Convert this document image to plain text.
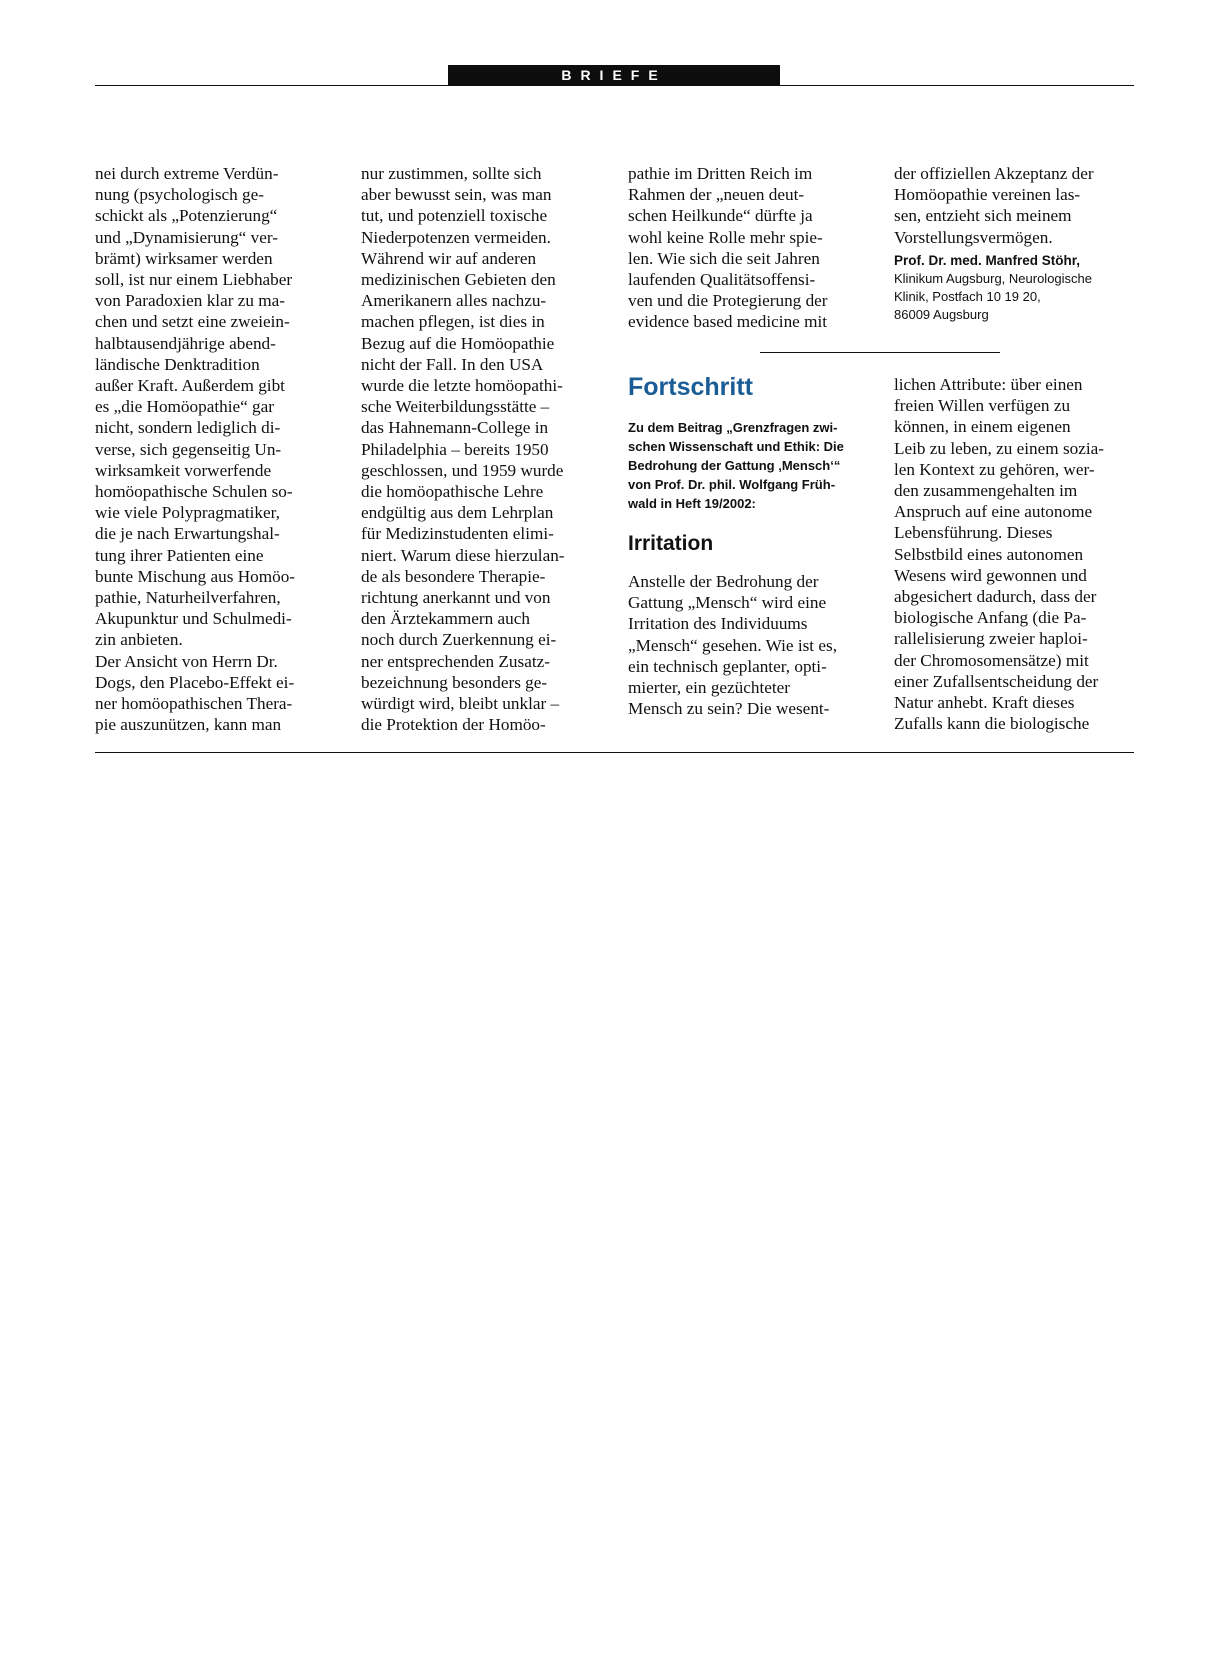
BRIEFE
nei durch extreme Verdün-
nung (psychologisch ge-
schickt als „Potenzierung“
und „Dynamisierung“ ver-
brämt) wirksamer werden
soll, ist nur einem Liebhaber
von Paradoxien klar zu ma-
chen und setzt eine zweiein-
halbtausendjährige abend-
ländische Denktradition
außer Kraft. Außerdem gibt
es „die Homöopathie“ gar
nicht, sondern lediglich di-
verse, sich gegenseitig Un-
wirksamkeit vorwerfende
homöopathische Schulen so-
wie viele Polypragmatiker,
die je nach Erwartungshal-
tung ihrer Patienten eine
bunte Mischung aus Homöo-
pathie, Naturheilverfahren,
Akupunktur und Schulmedi-
zin anbieten.
Der Ansicht von Herrn Dr.
Dogs, den Placebo-Effekt ei-
ner homöopathischen Thera-
pie auszunützen, kann man
nur zustimmen, sollte sich
aber bewusst sein, was man
tut, und potenziell toxische
Niederpotenzen vermeiden.
Während wir auf anderen
medizinischen Gebieten den
Amerikanern alles nachzu-
machen pflegen, ist dies in
Bezug auf die Homöopathie
nicht der Fall. In den USA
wurde die letzte homöopathi-
sche Weiterbildungsstätte –
das Hahnemann-College in
Philadelphia – bereits 1950
geschlossen, und 1959 wurde
die homöopathische Lehre
endgültig aus dem Lehrplan
für Medizinstudenten elimi-
niert. Warum diese hierzulan-
de als besondere Therapie-
richtung anerkannt und von
den Ärztekammern auch
noch durch Zuerkennung ei-
ner entsprechenden Zusatz-
bezeichnung besonders ge-
würdigt wird, bleibt unklar –
die Protektion der Homöo-
pathie im Dritten Reich im
Rahmen der „neuen deut-
schen Heilkunde“ dürfte ja
wohl keine Rolle mehr spie-
len. Wie sich die seit Jahren
laufenden Qualitätsoffensi-
ven und die Protegierung der
evidence based medicine mit
der offiziellen Akzeptanz der
Homöopathie vereinen las-
sen, entzieht sich meinem
Vorstellungsvermögen.
Prof. Dr. med. Manfred Stöhr,
Klinikum Augsburg, Neurologische
Klinik, Postfach 10 19 20,
86009 Augsburg
Fortschritt
Zu dem Beitrag „Grenzfragen zwi-
schen Wissenschaft und Ethik: Die
Bedrohung der Gattung ‚Mensch‘“
von Prof. Dr. phil. Wolfgang Früh-
wald in Heft 19/2002:
Irritation
Anstelle der Bedrohung der
Gattung „Mensch“ wird eine
Irritation des Individuums
„Mensch“ gesehen. Wie ist es,
ein technisch geplanter, opti-
mierter, ein gezüchteter
Mensch zu sein? Die wesent-
lichen Attribute: über einen
freien Willen verfügen zu
können, in einem eigenen
Leib zu leben, zu einem sozia-
len Kontext zu gehören, wer-
den zusammengehalten im
Anspruch auf eine autonome
Lebensführung. Dieses
Selbstbild eines autonomen
Wesens wird gewonnen und
abgesichert dadurch, dass der
biologische Anfang (die Pa-
rallelisierung zweier haploi-
der Chromosomensätze) mit
einer Zufallsentscheidung der
Natur anhebt. Kraft dieses
Zufalls kann die biologische
